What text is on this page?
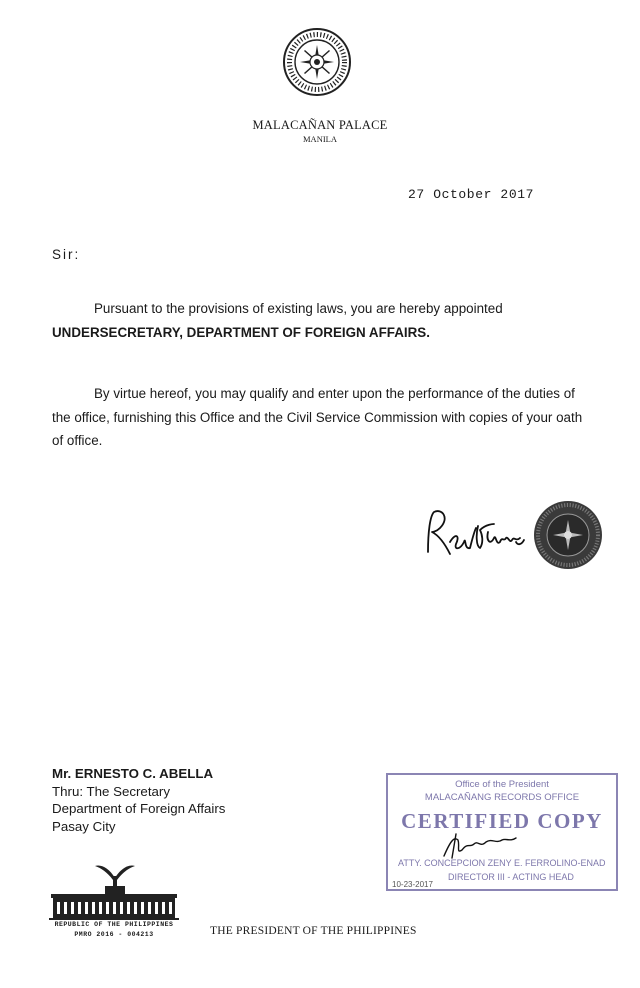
MALACAÑAN PALACE
MANILA
27 October 2017
Sir:
Pursuant to the provisions of existing laws, you are hereby appointed UNDERSECRETARY, DEPARTMENT OF FOREIGN AFFAIRS.
By virtue hereof, you may qualify and enter upon the performance of the duties of the office, furnishing this Office and the Civil Service Commission with copies of your oath of office.
Mr. ERNESTO C. ABELLA
Thru: The Secretary
Department of Foreign Affairs
Pasay City
Office of the President
MALACAÑANG RECORDS OFFICE
CERTIFIED COPY
ATTY. CONCEPCION ZENY E. FERROLINO-ENAD
DIRECTOR III - ACTING HEAD
10-23-2017
REPUBLIC OF THE PHILIPPINES
PMRO 2016 - 004213	THE PRESIDENT OF THE PHILIPPINES
